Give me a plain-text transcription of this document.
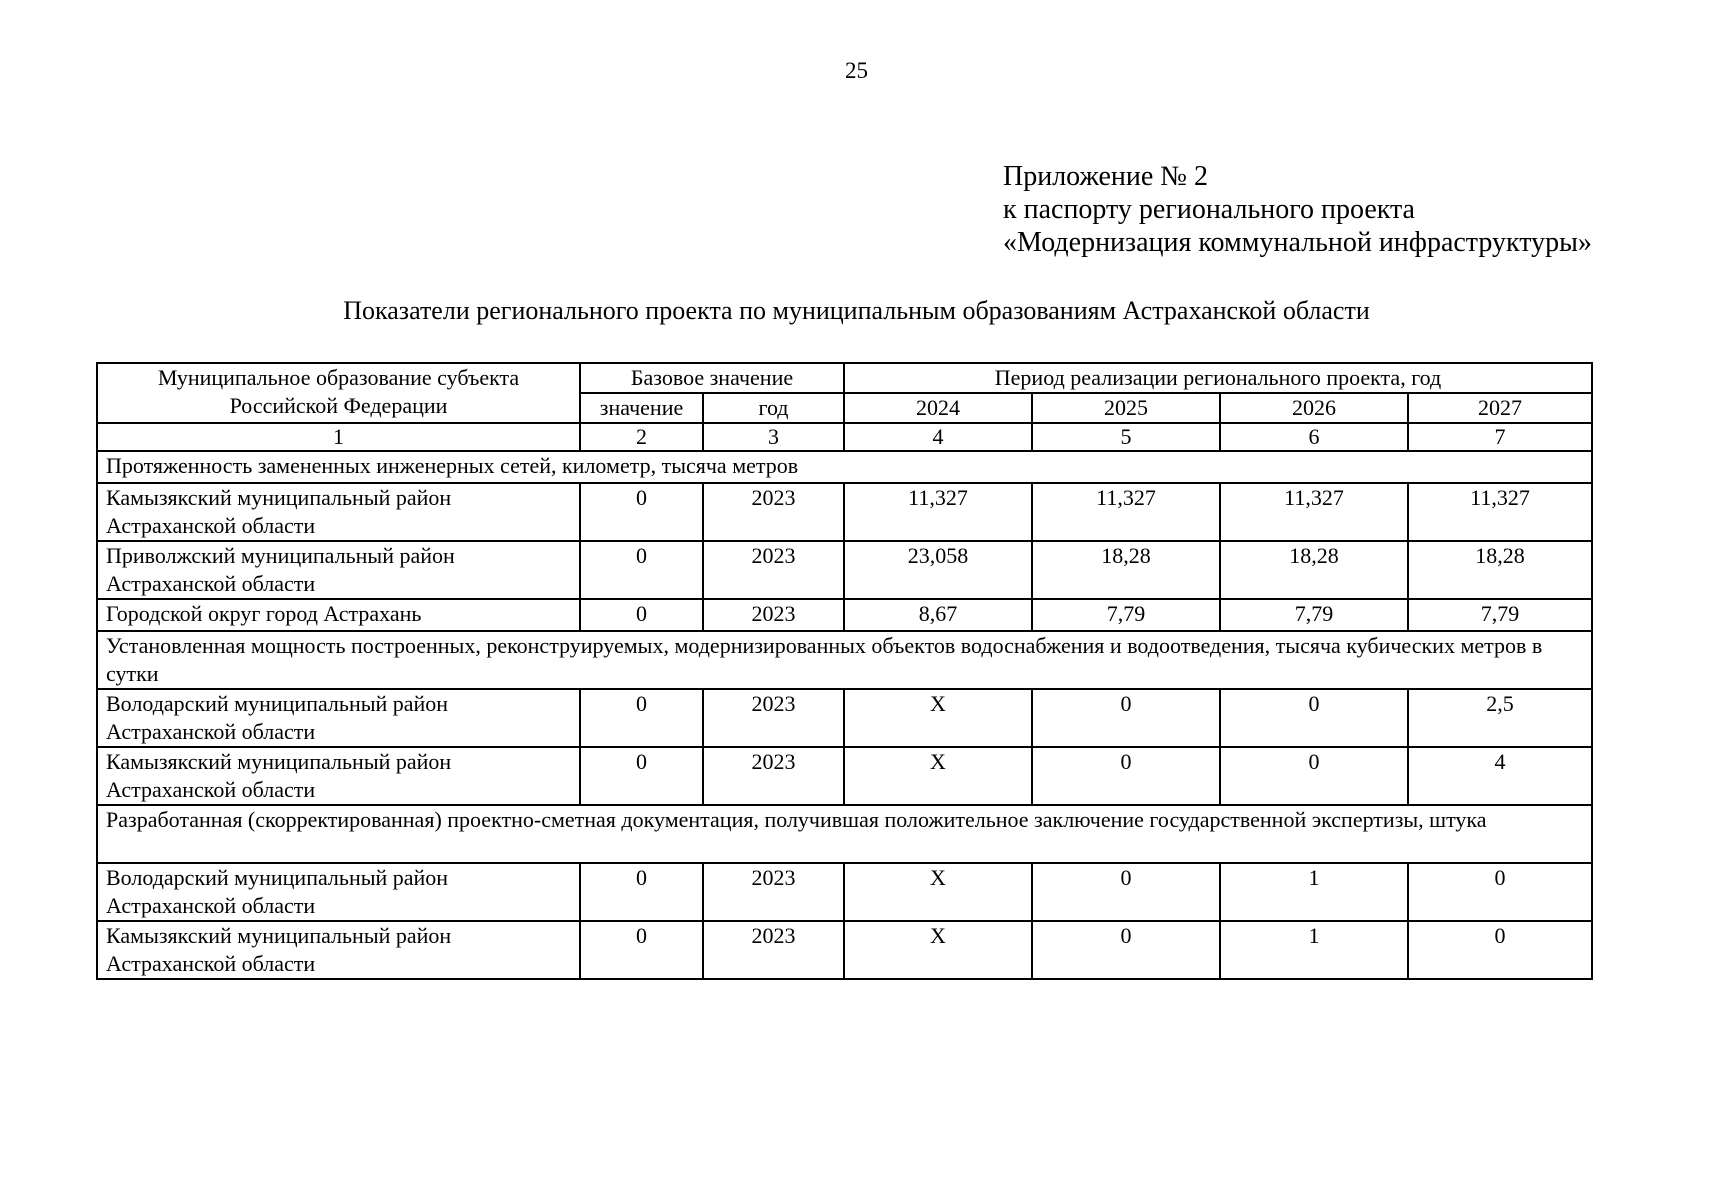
25
Приложение № 2
к паспорту регионального проекта
«Модернизация коммунальной инфраструктуры»
Показатели регионального проекта по муниципальным образованиям Астраханской области
Муниципальное образование субъекта Российской Федерации	Базовое значение		Период реализации регионального проекта, год			
	значение	год	2024	2025	2026	2027
1	2	3	4	5	6	7
Протяженность замененных инженерных сетей, километр, тысяча метров						
Камызякский муниципальный район Астраханской области	0	2023	11,327	11,327	11,327	11,327
Приволжский муниципальный район Астраханской области	0	2023	23,058	18,28	18,28	18,28
Городской округ город Астрахань	0	2023	8,67	7,79	7,79	7,79
Установленная мощность построенных, реконструируемых, модернизированных объектов водоснабжения и водоотведения, тысяча кубических метров в сутки						
Володарский муниципальный район Астраханской области	0	2023	X	0	0	2,5
Камызякский муниципальный район Астраханской области	0	2023	X	0	0	4
Разработанная (скорректированная) проектно-сметная документация, получившая положительное заключение государственной экспертизы, штука						
Володарский муниципальный район Астраханской области	0	2023	X	0	1	0
Камызякский муниципальный район Астраханской области	0	2023	X	0	1	0
